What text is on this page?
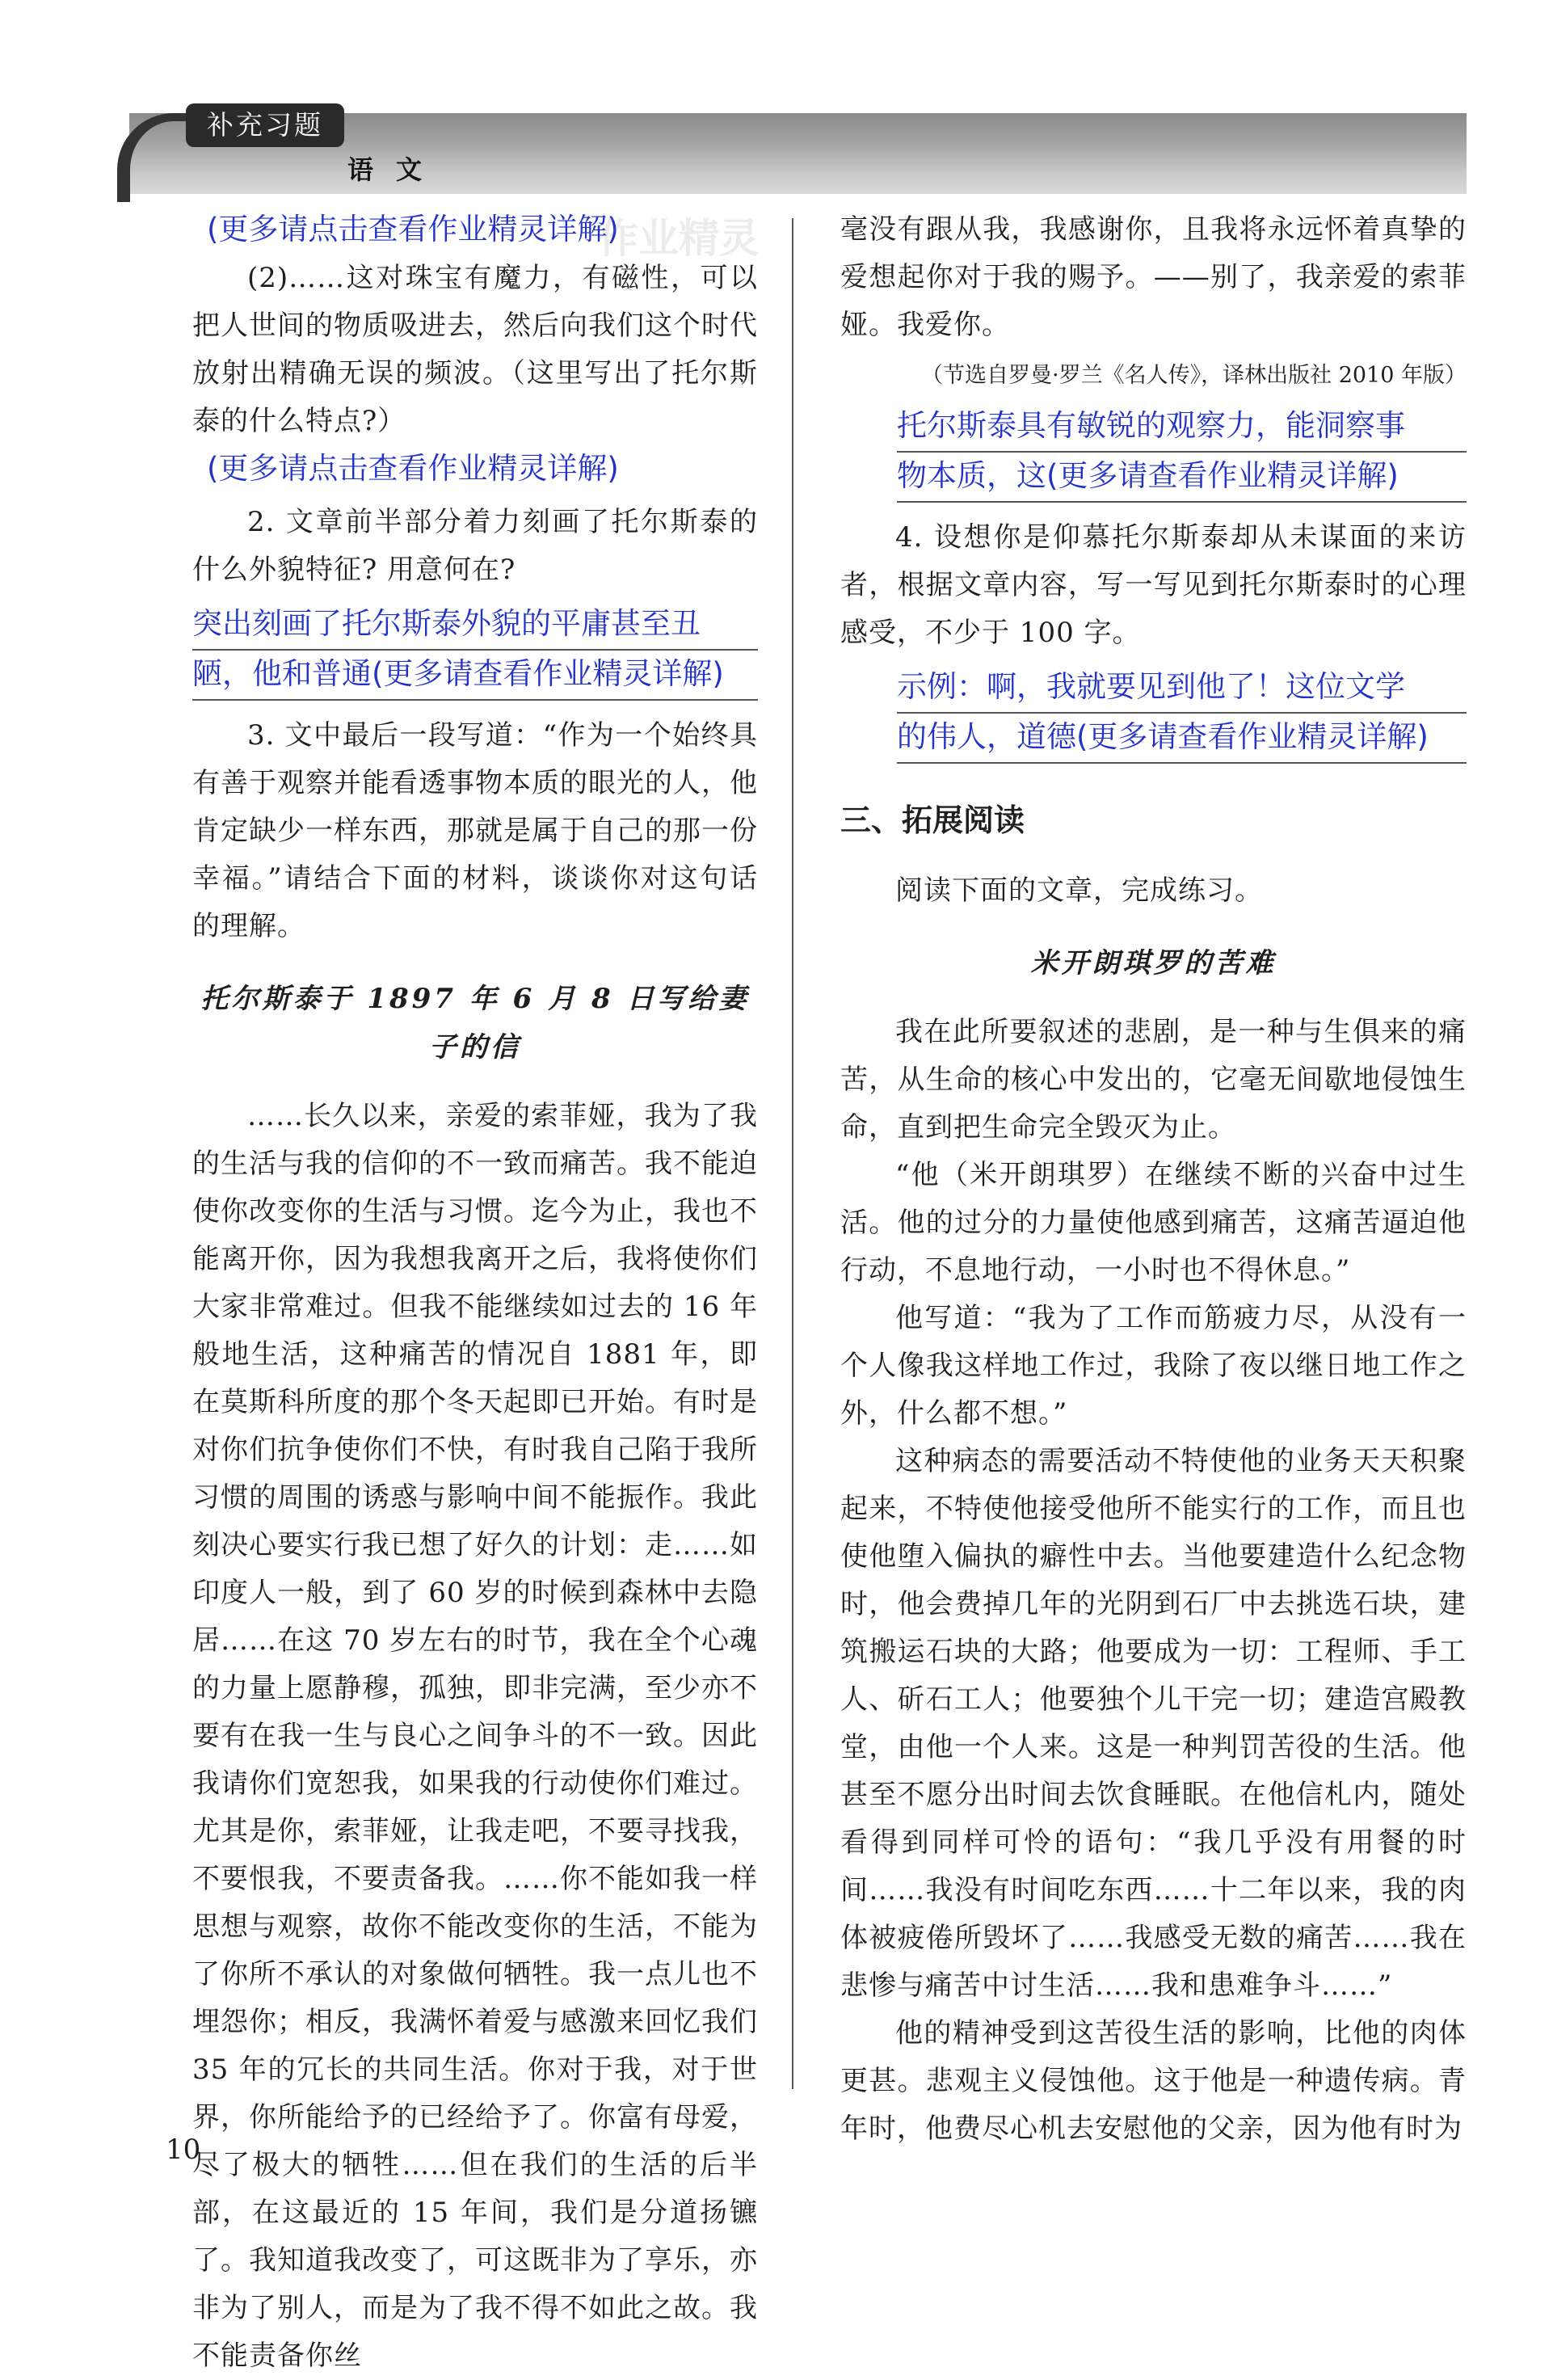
补充习题
语文

(更多请点击查看作业精灵详解)

(2)……这对珠宝有魔力，有磁性，可以把人世间的物质吸进去，然后向我们这个时代放射出精确无误的频波。（这里写出了托尔斯泰的什么特点?）

(更多请点击查看作业精灵详解)

2. 文章前半部分着力刻画了托尔斯泰的什么外貌特征? 用意何在?

突出刻画了托尔斯泰外貌的平庸甚至丑

陋，他和普通(更多请查看作业精灵详解)

3. 文中最后一段写道：“作为一个始终具有善于观察并能看透事物本质的眼光的人，他肯定缺少一样东西，那就是属于自己的那一份幸福。”请结合下面的材料，谈谈你对这句话的理解。

托尔斯泰于 1897 年 6 月 8 日写给妻子的信

……长久以来，亲爱的索菲娅，我为了我的生活与我的信仰的不一致而痛苦。我不能迫使你改变你的生活与习惯。迄今为止，我也不能离开你，因为我想我离开之后，我将使你们大家非常难过。但我不能继续如过去的 16 年般地生活，这种痛苦的情况自 1881 年，即在莫斯科所度的那个冬天起即已开始。有时是对你们抗争使你们不快，有时我自己陷于我所习惯的周围的诱惑与影响中间不能振作。我此刻决心要实行我已想了好久的计划：走……如印度人一般，到了 60 岁的时候到森林中去隐居……在这 70 岁左右的时节，我在全个心魂的力量上愿静穆，孤独，即非完满，至少亦不要有在我一生与良心之间争斗的不一致。因此我请你们宽恕我，如果我的行动使你们难过。尤其是你，索菲娅，让我走吧，不要寻找我，不要恨我，不要责备我。……你不能如我一样思想与观察，故你不能改变你的生活，不能为了你所不承认的对象做何牺牲。我一点儿也不埋怨你；相反，我满怀着爱与感激来回忆我们 35 年的冗长的共同生活。你对于我，对于世界，你所能给予的已经给予了。你富有母爱，尽了极大的牺牲……但在我们的生活的后半部，在这最近的 15 年间，我们是分道扬镳了。我知道我改变了，可这既非为了享乐，亦非为了别人，而是为了我不得不如此之故。我不能责备你丝

毫没有跟从我，我感谢你，且我将永远怀着真挚的爱想起你对于我的赐予。——别了，我亲爱的索菲娅。我爱你。

（节选自罗曼·罗兰《名人传》，译林出版社 2010 年版）

托尔斯泰具有敏锐的观察力，能洞察事

物本质，这(更多请查看作业精灵详解)

4. 设想你是仰慕托尔斯泰却从未谋面的来访者，根据文章内容，写一写见到托尔斯泰时的心理感受，不少于 100 字。

示例：啊，我就要见到他了！这位文学

的伟人，道德(更多请查看作业精灵详解)

三、拓展阅读

阅读下面的文章，完成练习。

米开朗琪罗的苦难

我在此所要叙述的悲剧，是一种与生俱来的痛苦，从生命的核心中发出的，它毫无间歇地侵蚀生命，直到把生命完全毁灭为止。

“他（米开朗琪罗）在继续不断的兴奋中过生活。他的过分的力量使他感到痛苦，这痛苦逼迫他行动，不息地行动，一小时也不得休息。”

他写道：“我为了工作而筋疲力尽，从没有一个人像我这样地工作过，我除了夜以继日地工作之外，什么都不想。”

这种病态的需要活动不特使他的业务天天积聚起来，不特使他接受他所不能实行的工作，而且也使他堕入偏执的癖性中去。当他要建造什么纪念物时，他会费掉几年的光阴到石厂中去挑选石块，建筑搬运石块的大路；他要成为一切：工程师、手工人、斫石工人；他要独个儿干完一切；建造宫殿教堂，由他一个人来。这是一种判罚苦役的生活。他甚至不愿分出时间去饮食睡眠。在他信札内，随处看得到同样可怜的语句：“我几乎没有用餐的时间……我没有时间吃东西……十二年以来，我的肉体被疲倦所毁坏了……我感受无数的痛苦……我在悲惨与痛苦中讨生活……我和患难争斗……”

他的精神受到这苦役生活的影响，比他的肉体更甚。悲观主义侵蚀他。这于他是一种遗传病。青年时，他费尽心机去安慰他的父亲，因为他有时为

10
作业精灵
